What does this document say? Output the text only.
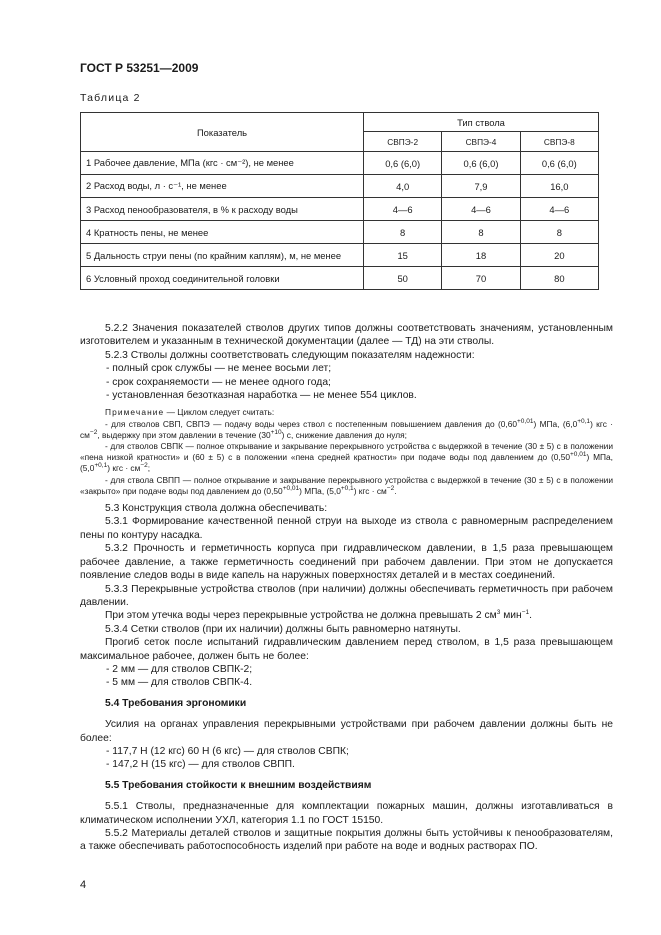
ГОСТ Р 53251—2009
Таблица 2
Показатель	Тип ствола		
	СВПЭ-2	СВПЭ-4	СВПЭ-8
1 Рабочее давление, МПа (кгс · см⁻²), не менее	0,6 (6,0)	0,6 (6,0)	0,6 (6,0)
2 Расход воды, л · с⁻¹, не менее	4,0	7,9	16,0
3 Расход пенообразователя, в % к расходу воды	4—6	4—6	4—6
4 Кратность пены, не менее	8	8	8
5 Дальность струи пены (по крайним каплям), м, не менее	15	18	20
6 Условный проход соединительной головки	50	70	80

5.2.2 Значения показателей стволов других типов должны соответствовать значениям, установленным изготовителем и указанным в технической документации (далее — ТД) на эти стволы.

5.2.3 Стволы должны соответствовать следующим показателям надежности:

- полный срок службы — не менее восьми лет;

- срок сохраняемости — не менее одного года;

- установленная безотказная наработка — не менее 554 циклов.

Примечание — Циклом следует считать:

- для стволов СВП, СВПЭ — подачу воды через ствол с постепенным повышением давления до $(0,60^{+0,01})$ МПа, $(6,0^{+0,1})$ кгс · $см^{-2}$, выдержку при этом давлении в течение $(30^{+10})$ с, снижение давления до нуля;

- для стволов СВПК — полное открывание и закрывание перекрывного устройства с выдержкой в течение (30 ± 5) с в положении «пена низкой кратности» и (60 ± 5) с в положении «пена средней кратности» при подаче воды под давлением до $(0,50^{+0,01})$ МПа, $(5,0^{+0,1})$ кгс · $см^{-2}$;

- для ствола СВПП — полное открывание и закрывание перекрывного устройства с выдержкой в течение (30 ± 5) с в положении «закрыто» при подаче воды под давлением до $(0,50^{+0,01})$ МПа, $(5,0^{+0,1})$ кгс · $см^{-2}$.

5.3 Конструкция ствола должна обеспечивать:

5.3.1 Формирование качественной пенной струи на выходе из ствола с равномерным распределением пены по контуру насадка.

5.3.2 Прочность и герметичность корпуса при гидравлическом давлении, в 1,5 раза превышающем рабочее давление, а также герметичность соединений при рабочем давлении. При этом не допускается появление следов воды в виде капель на наружных поверхностях деталей и в местах соединений.

5.3.3 Перекрывные устройства стволов (при наличии) должны обеспечивать герметичность при рабочем давлении.

При этом утечка воды через перекрывные устройства не должна превышать 2 $см^3$ мин$^{-1}$.

5.3.4 Сетки стволов (при их наличии) должны быть равномерно натянуты.

Прогиб сеток после испытаний гидравлическим давлением перед стволом, в 1,5 раза превышающем максимальное рабочее, должен быть не более:

- 2 мм — для стволов СВПК-2;

- 5 мм — для стволов СВПК-4.

5.4 Требования эргономики

Усилия на органах управления перекрывными устройствами при рабочем давлении должны быть не более:

- 117,7 Н (12 кгс) 60 Н (6 кгс) — для стволов СВПК;

- 147,2 Н (15 кгс) — для стволов СВПП.

5.5 Требования стойкости к внешним воздействиям

5.5.1 Стволы, предназначенные для комплектации пожарных машин, должны изготавливаться в климатическом исполнении УХЛ, категория 1.1 по ГОСТ 15150.

5.5.2 Материалы деталей стволов и защитные покрытия должны быть устойчивы к пенообразователям, а также обеспечивать работоспособность изделий при работе на воде и водных растворах ПО.

4
